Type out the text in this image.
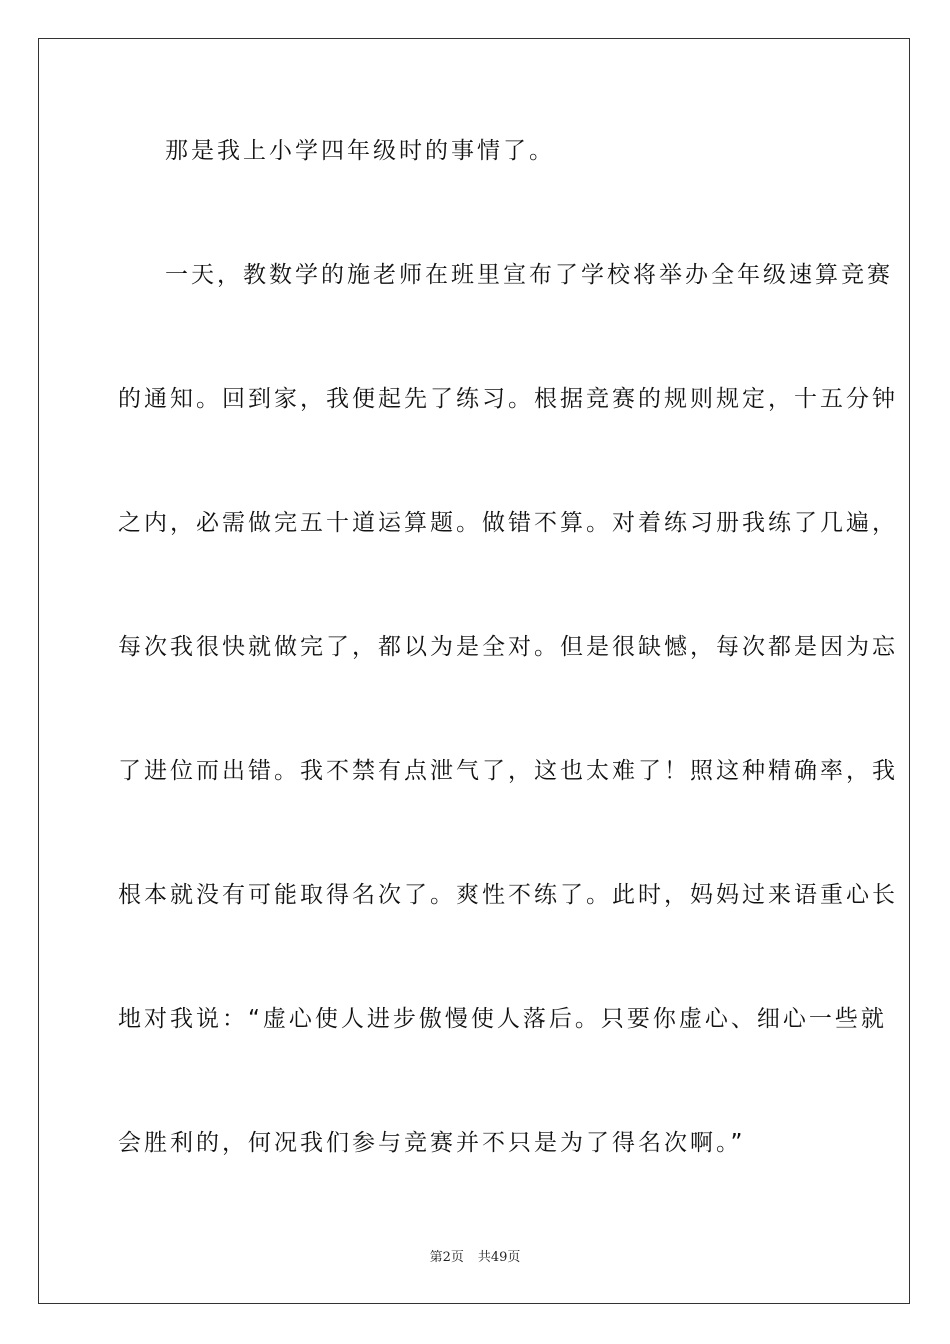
那是我上小学四年级时的事情了。
一天，教数学的施老师在班里宣布了学校将举办全年级速算竞赛
的通知。回到家，我便起先了练习。根据竞赛的规则规定，十五分钟
之内，必需做完五十道运算题。做错不算。对着练习册我练了几遍，
每次我很快就做完了，都以为是全对。但是很缺憾，每次都是因为忘
了进位而出错。我不禁有点泄气了，这也太难了！照这种精确率，我
根本就没有可能取得名次了。爽性不练了。此时，妈妈过来语重心长
地对我说：“虚心使人进步傲慢使人落后。只要你虚心、细心一些就
会胜利的，何况我们参与竞赛并不只是为了得名次啊。”
第2页 共49页
